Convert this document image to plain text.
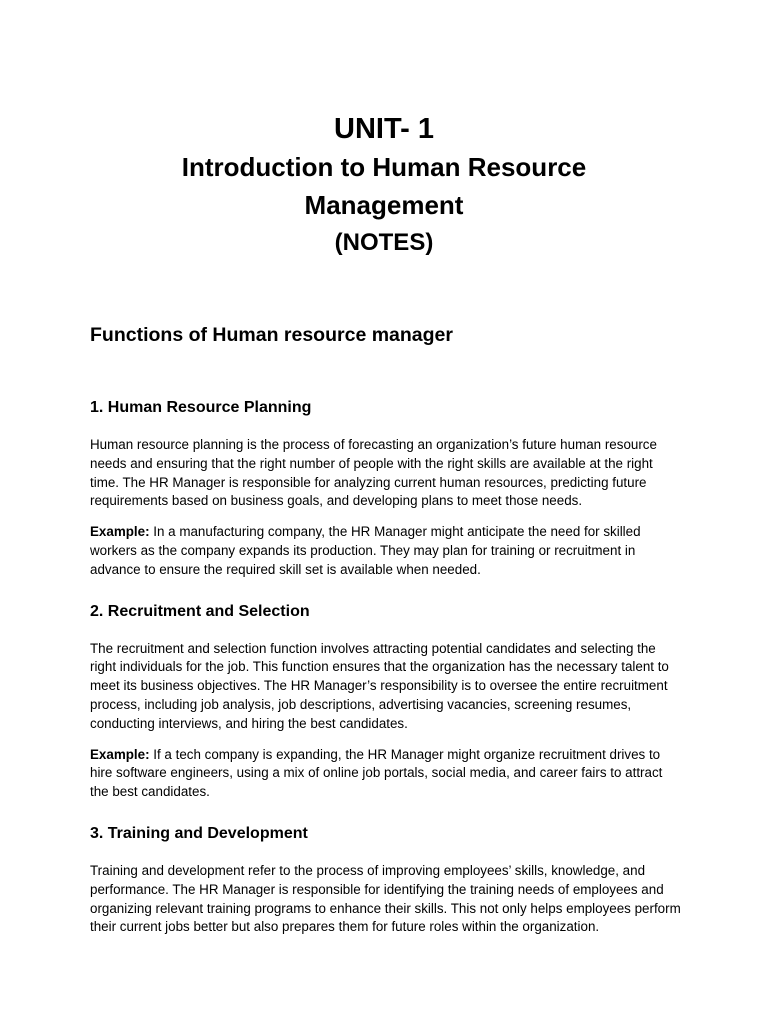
UNIT- 1
Introduction to Human Resource Management
(NOTES)
Functions of Human resource manager
1. Human Resource Planning

Human resource planning is the process of forecasting an organization’s future human resource needs and ensuring that the right number of people with the right skills are available at the right time. The HR Manager is responsible for analyzing current human resources, predicting future requirements based on business goals, and developing plans to meet those needs.

Example: In a manufacturing company, the HR Manager might anticipate the need for skilled workers as the company expands its production. They may plan for training or recruitment in advance to ensure the required skill set is available when needed.

2. Recruitment and Selection

The recruitment and selection function involves attracting potential candidates and selecting the right individuals for the job. This function ensures that the organization has the necessary talent to meet its business objectives. The HR Manager’s responsibility is to oversee the entire recruitment process, including job analysis, job descriptions, advertising vacancies, screening resumes, conducting interviews, and hiring the best candidates.

Example: If a tech company is expanding, the HR Manager might organize recruitment drives to hire software engineers, using a mix of online job portals, social media, and career fairs to attract the best candidates.

3. Training and Development

Training and development refer to the process of improving employees’ skills, knowledge, and performance. The HR Manager is responsible for identifying the training needs of employees and organizing relevant training programs to enhance their skills. This not only helps employees perform their current jobs better but also prepares them for future roles within the organization.
